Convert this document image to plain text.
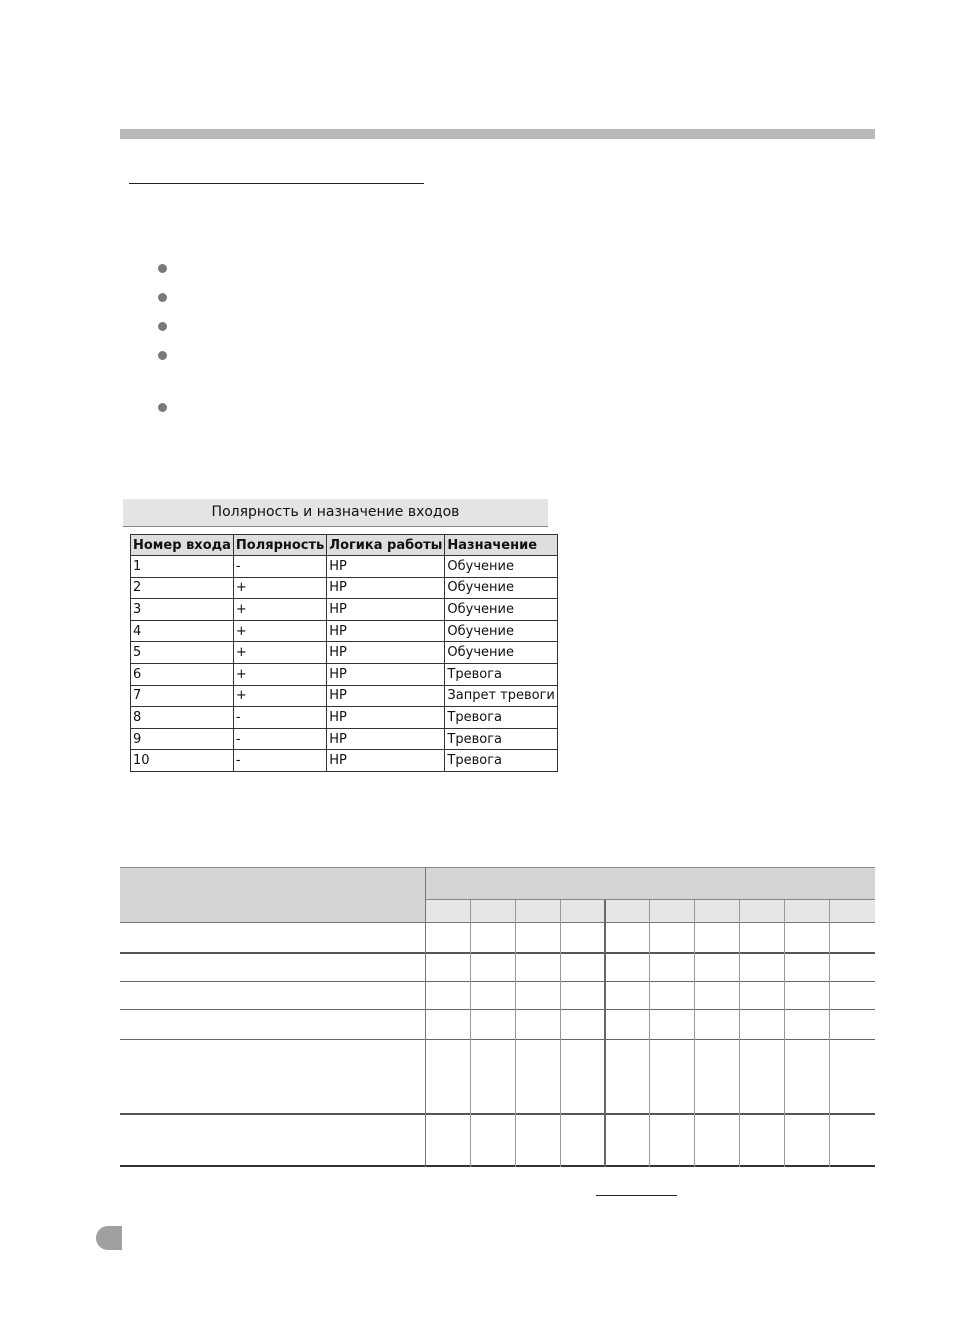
Полярность и назначение входов
Номер входа	Полярность	Логика работы	Назначение
1	-	НР	Обучение
2	+	НР	Обучение
3	+	НР	Обучение
4	+	НР	Обучение
5	+	НР	Обучение
6	+	НР	Тревога
7	+	НР	Запрет тревоги
8	-	НР	Тревога
9	-	НР	Тревога
10	-	НР	Тревога
